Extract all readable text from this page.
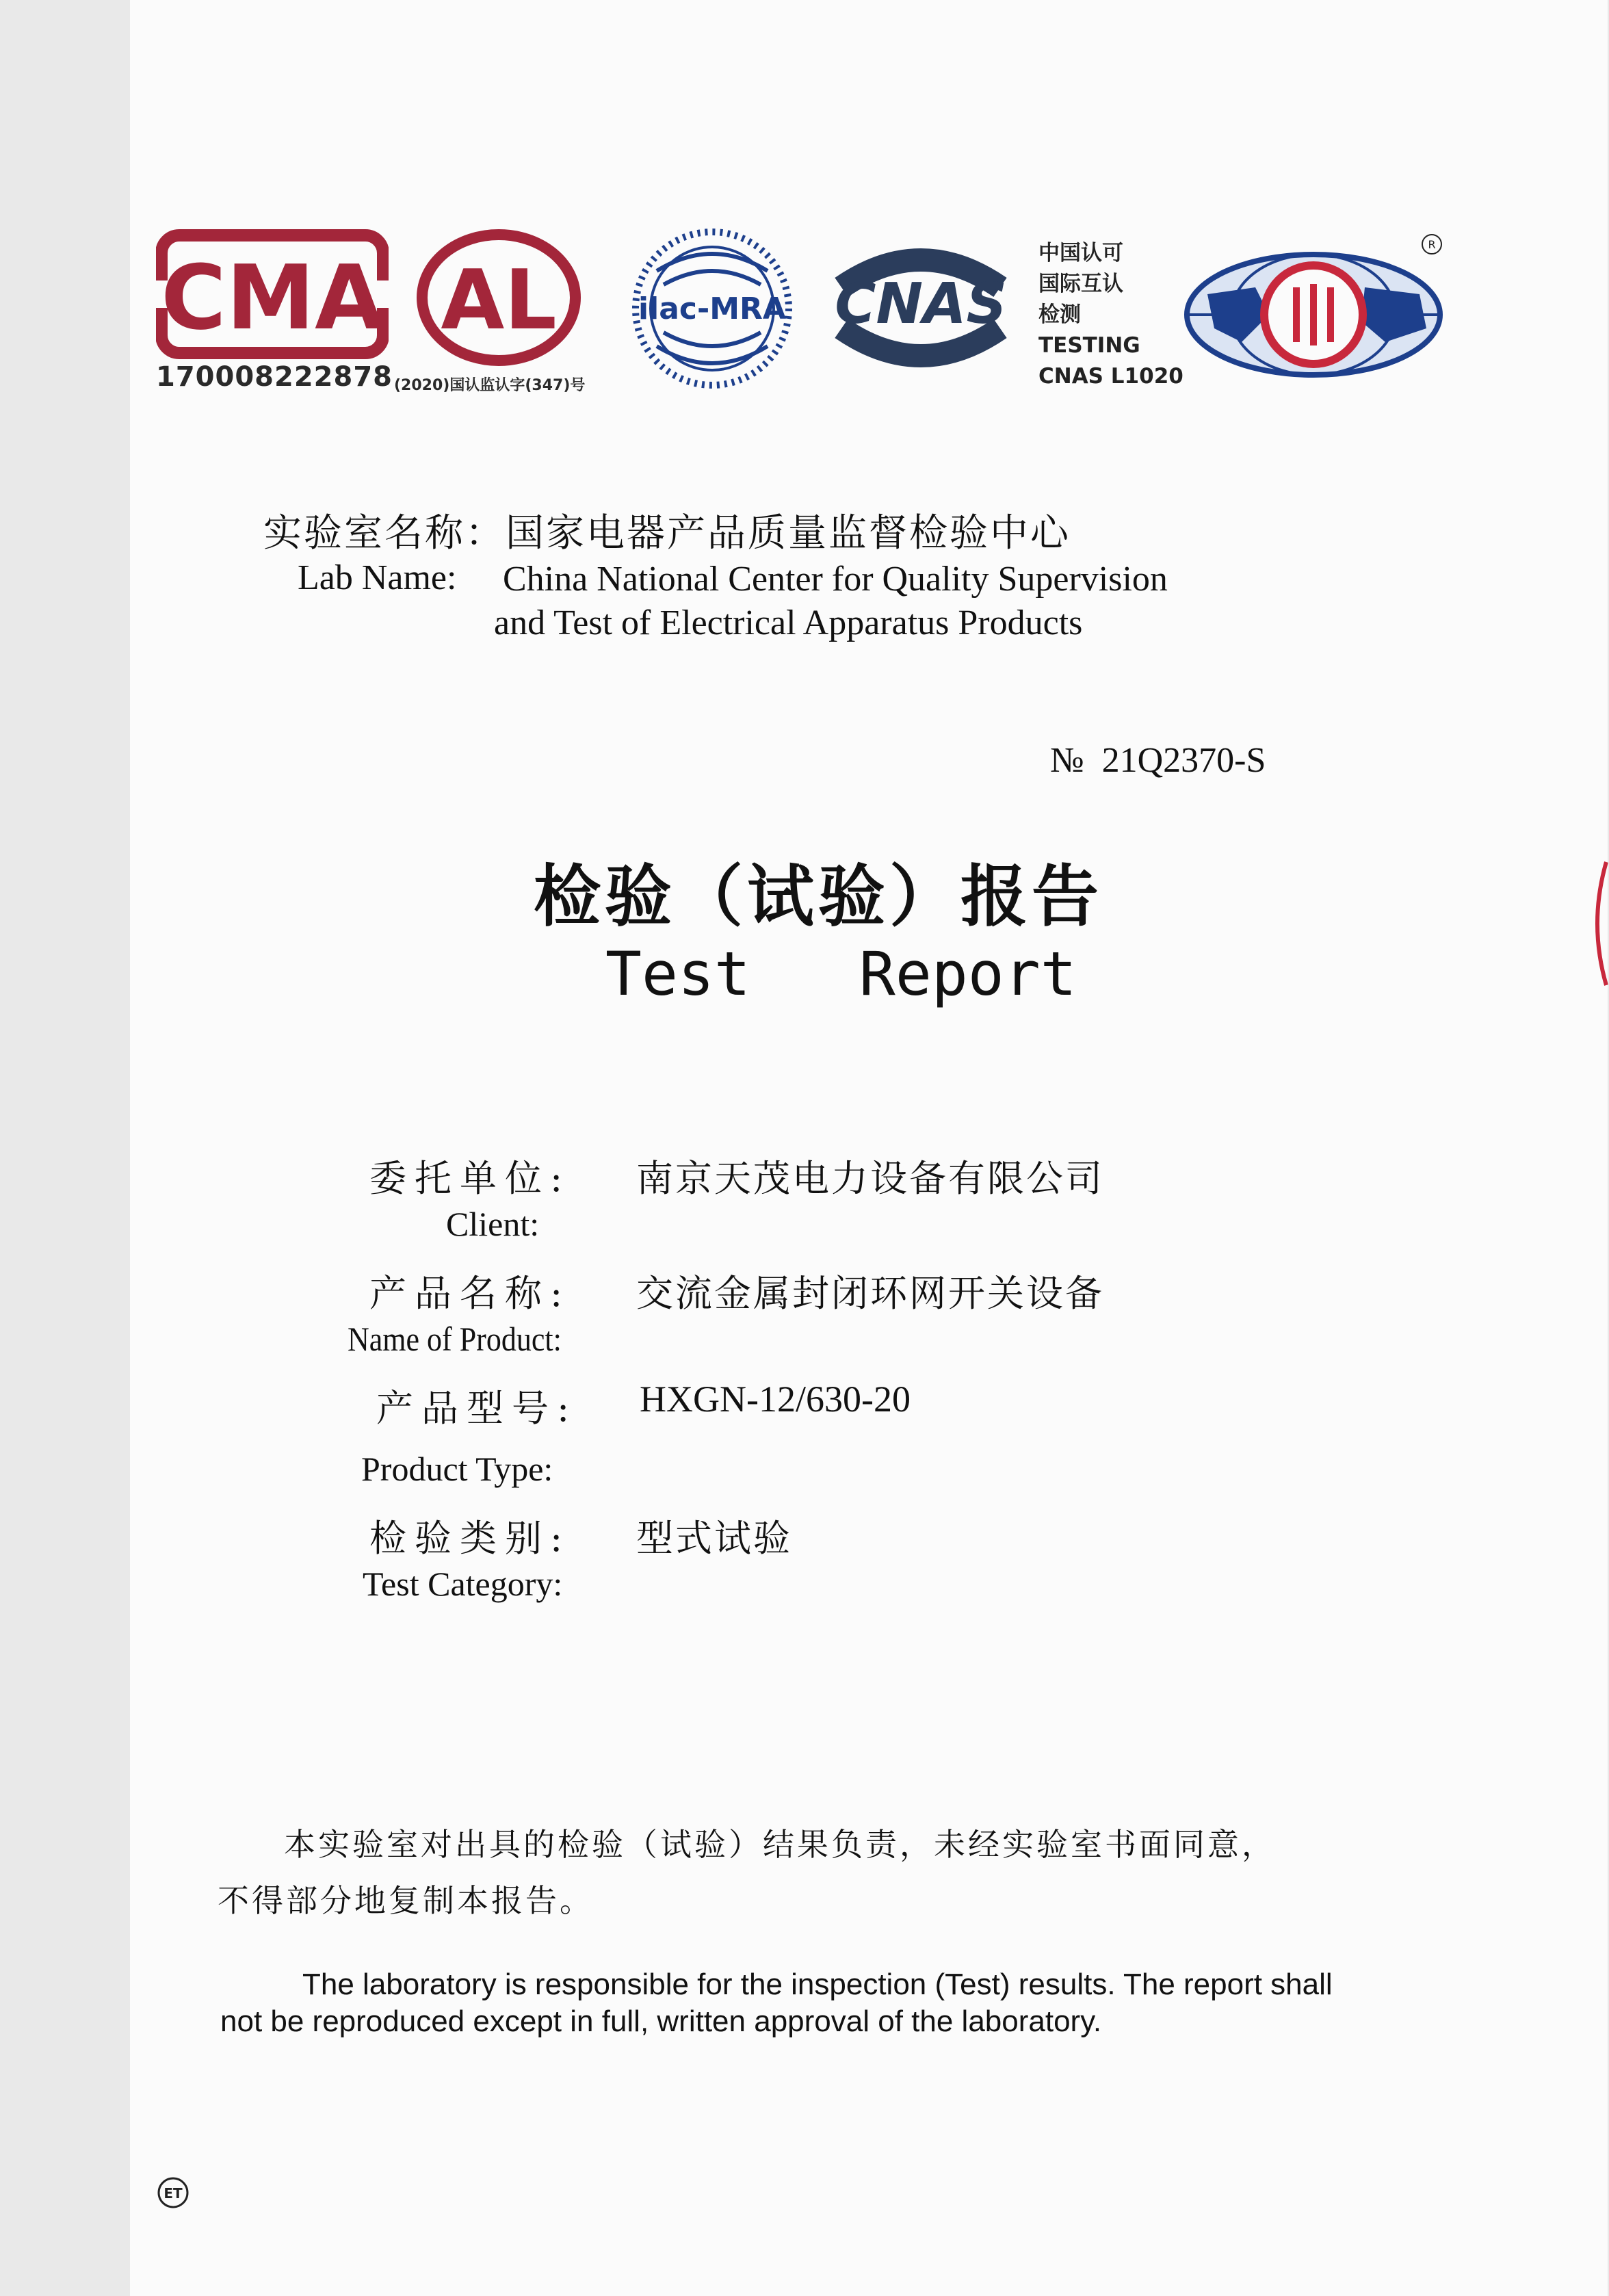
CMA
170008222878
AL
(2020)国认监认字(347)号
ilac-MRA CNAS
中国认可
国际互认
检测
TESTING
CNAS L1020
R
实验室名称：国家电器产品质量监督检验中心
Lab Name: China National Center for Quality Supervision
and Test of Electrical Apparatus Products
№  21Q2370-S
检验（试验）报告
Test   Report
委托单位: 南京天茂电力设备有限公司
Client:
产品名称: 交流金属封闭环网开关设备
Name of Product:
产品型号: HXGN-12/630-20
Product Type:
检验类别: 型式试验
Test Category:
本实验室对出具的检验（试验）结果负责，未经实验室书面同意，
不得部分地复制本报告。
The laboratory is responsible for the inspection (Test) results. The report shall
not be reproduced except in full, written approval of the laboratory.
ET
